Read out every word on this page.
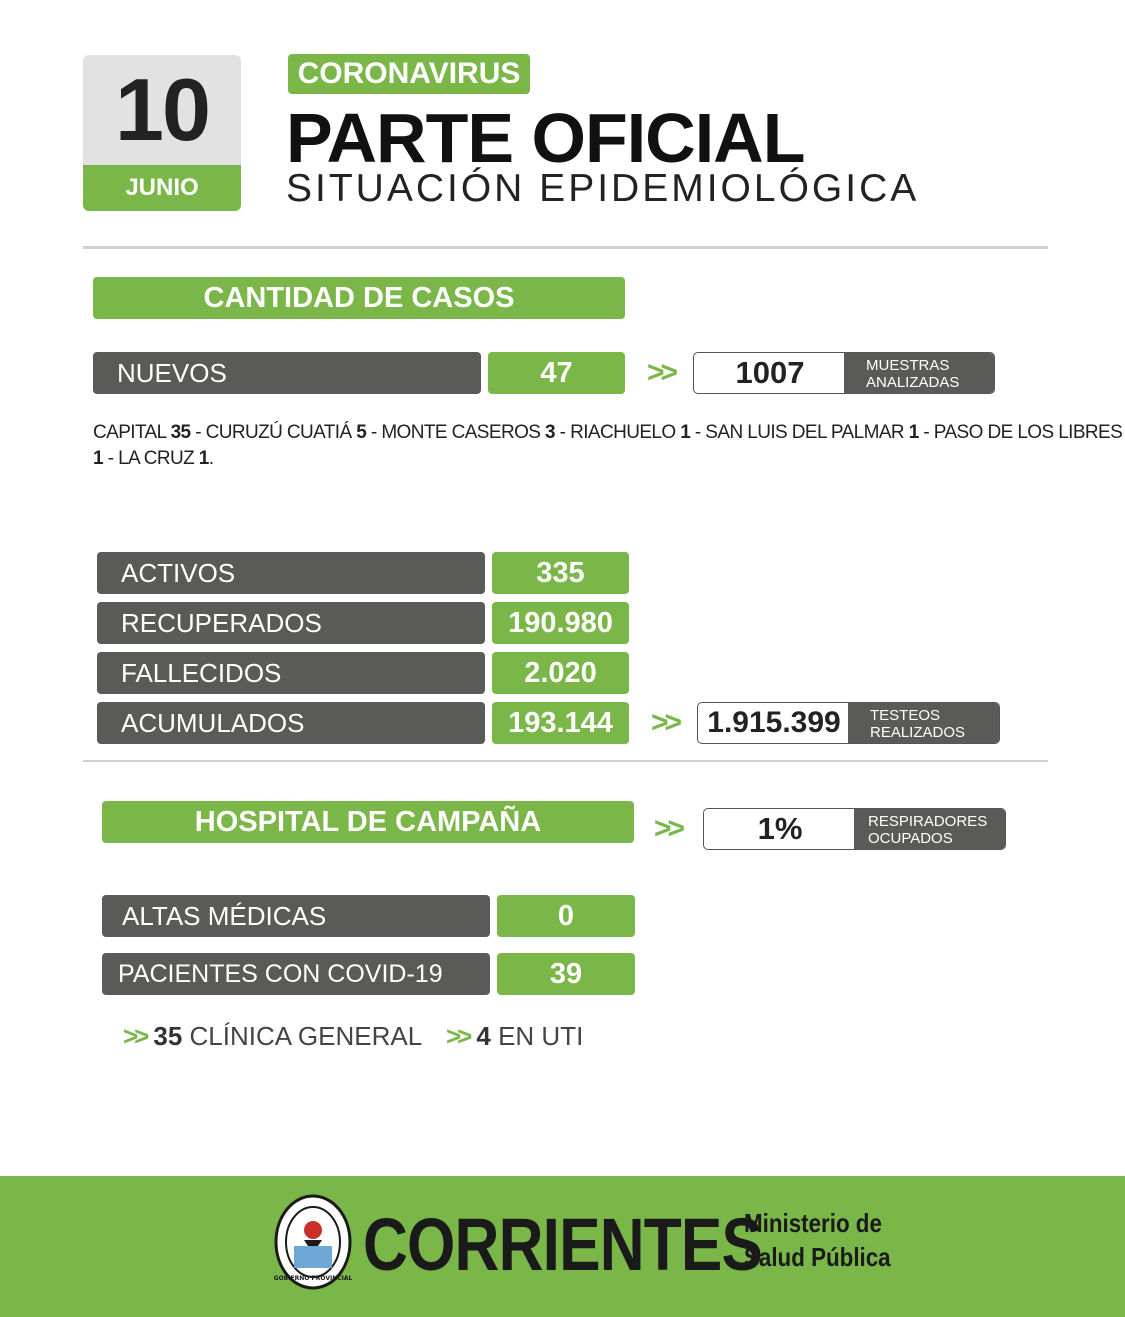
10
JUNIO
CORONAVIRUS
PARTE OFICIAL
SITUACIÓN EPIDEMIOLÓGICA
CANTIDAD DE CASOS
NUEVOS	47	>>	1007	MUESTRAS
ANALIZADAS
CAPITAL 35 - CURUZÚ CUATIÁ 5 - MONTE CASEROS 3 - RIACHUELO 1 - SAN LUIS DEL PALMAR 1 - PASO DE LOS LIBRES 1 - LA CRUZ 1.
ACTIVOS	335
RECUPERADOS	190.980
FALLECIDOS	2.020
ACUMULADOS	193.144	>> 1.915.399	TESTEOS
REALIZADOS
HOSPITAL DE CAMPAÑA	>>	1%	RESPIRADORES
OCUPADOS
ALTAS MÉDICAS	0
PACIENTES CON COVID-19	39
>> 35 CLÍNICA GENERAL >> 4 EN UTI
GOBIERNO PROVINCIAL CORRIENTES
Ministerio de
Salud Pública
